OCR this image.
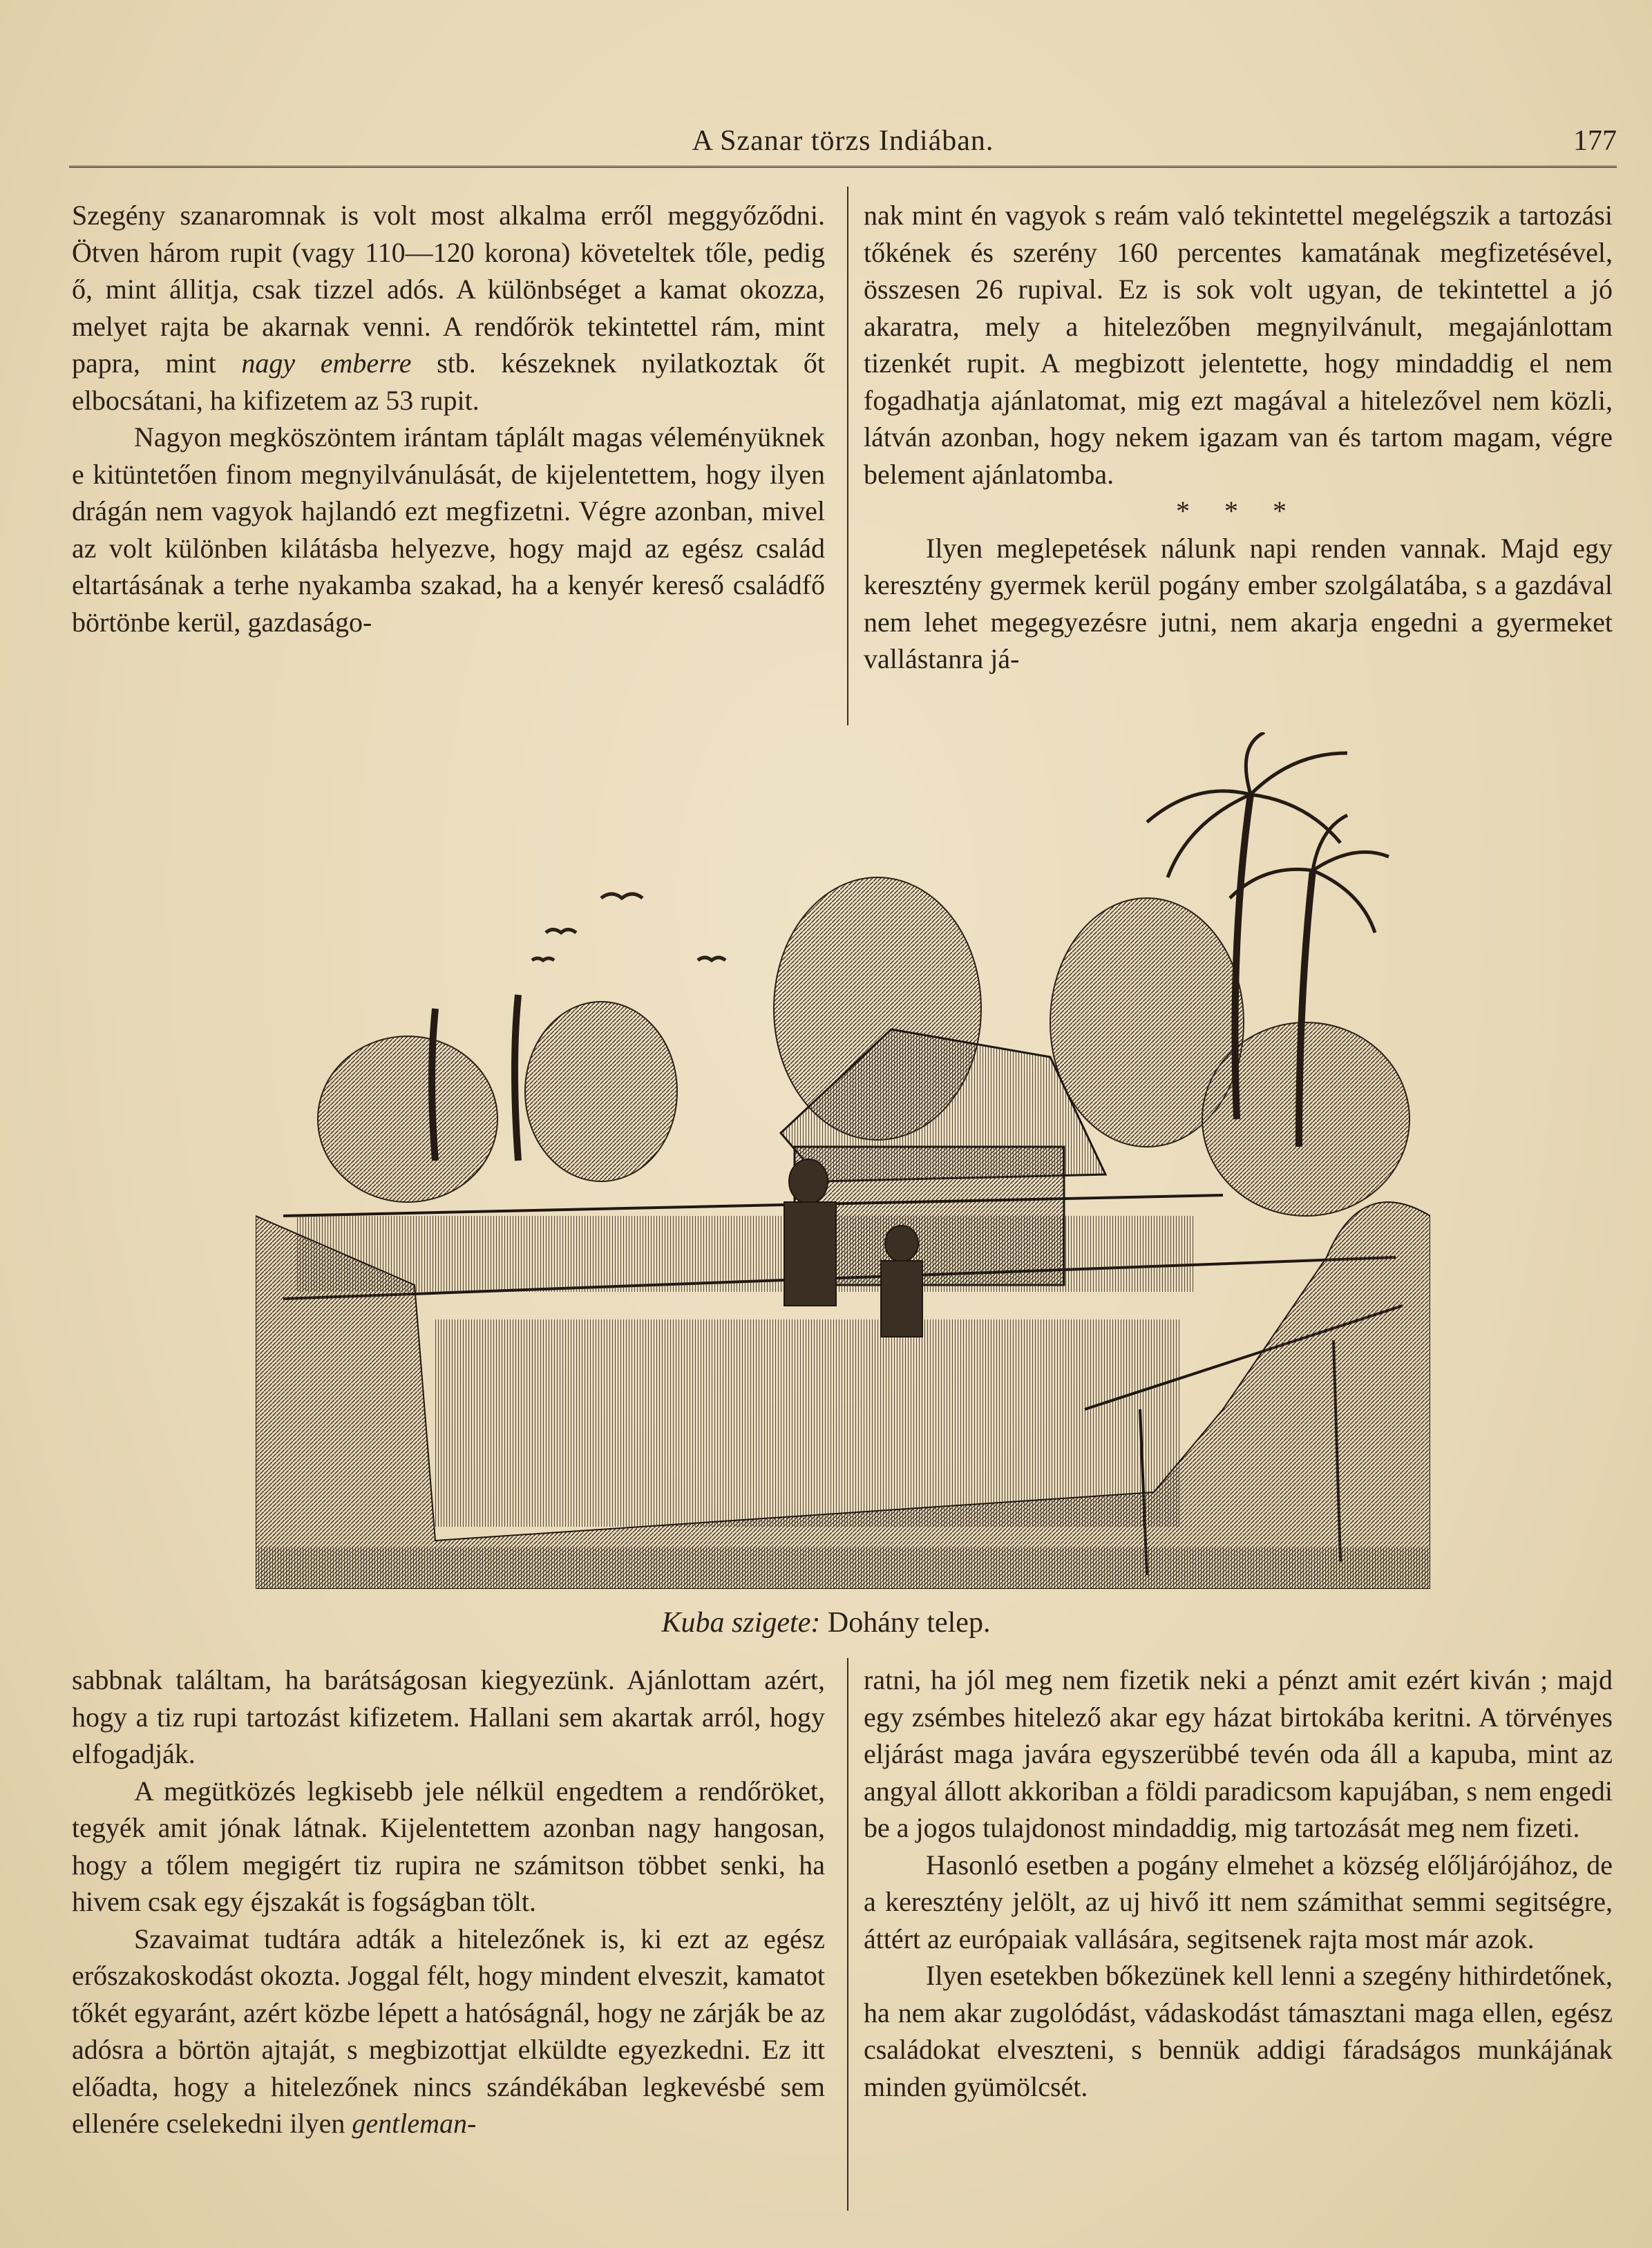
A Szanar törzs Indiában.	177

Szegény szanaromnak is volt most alkalma erről meggyőződni. Ötven három rupit (vagy 110—120 korona) követeltek tőle, pedig ő, mint állitja, csak tizzel adós. A különbséget a kamat okozza, melyet rajta be akarnak venni. A rendőrök tekintettel rám, mint papra, mint nagy emberre stb. készeknek nyilatkoztak őt elbocsátani, ha kifizetem az 53 rupit.

Nagyon megköszöntem irántam táplált magas véleményüknek e kitüntetően finom megnyilvánulását, de kijelentettem, hogy ilyen drágán nem vagyok hajlandó ezt megfizetni. Végre azonban, mivel az volt különben kilátásba helyezve, hogy majd az egész család eltartásának a terhe nyakamba szakad, ha a kenyér kereső családfő börtönbe kerül, gazdaságo-

nak mint én vagyok s reám való tekintettel megelégszik a tartozási tőkének és szerény 160 percentes kamatának megfizetésével, összesen 26 rupival. Ez is sok volt ugyan, de tekintettel a jó akaratra, mely a hitelezőben megnyilvánult, megajánlottam tizenkét rupit. A megbizott jelentette, hogy mindaddig el nem fogadhatja ajánlatomat, mig ezt magával a hitelezővel nem közli, látván azonban, hogy nekem igazam van és tartom magam, végre belement ajánlatomba.

* * *

Ilyen meglepetések nálunk napi renden vannak. Majd egy keresztény gyermek kerül pogány ember szolgálatába, s a gazdával nem lehet megegyezésre jutni, nem akarja engedni a gyermeket vallástanra já-

Kuba szigete: Dohány telep.

sabbnak találtam, ha barátságosan kiegyezünk. Ajánlottam azért, hogy a tiz rupi tartozást kifizetem. Hallani sem akartak arról, hogy elfogadják.

A megütközés legkisebb jele nélkül engedtem a rendőröket, tegyék amit jónak látnak. Kijelentettem azonban nagy hangosan, hogy a tőlem megigért tiz rupira ne számitson többet senki, ha hivem csak egy éjszakát is fogságban tölt.

Szavaimat tudtára adták a hitelezőnek is, ki ezt az egész erőszakoskodást okozta. Joggal félt, hogy mindent elveszit, kamatot tőkét egyaránt, azért közbe lépett a hatóságnál, hogy ne zárják be az adósra a börtön ajtaját, s megbizottjat elküldte egyezkedni. Ez itt előadta, hogy a hitelezőnek nincs szándékában legkevésbé sem ellenére cselekedni ilyen gentleman-

ratni, ha jól meg nem fizetik neki a pénzt amit ezért kiván ; majd egy zsémbes hitelező akar egy házat birtokába keritni. A törvényes eljárást maga javára egyszerübbé tevén oda áll a kapuba, mint az angyal állott akkoriban a földi paradicsom kapujában, s nem engedi be a jogos tulajdonost mindaddig, mig tartozását meg nem fizeti.

Hasonló esetben a pogány elmehet a község előljárójához, de a keresztény jelölt, az uj hivő itt nem számithat semmi segitségre, áttért az európaiak vallására, segitsenek rajta most már azok.

Ilyen esetekben bőkezünek kell lenni a szegény hithirdetőnek, ha nem akar zugolódást, vádaskodást támasztani maga ellen, egész családokat elveszteni, s bennük addigi fáradságos munkájának minden gyümölcsét.
